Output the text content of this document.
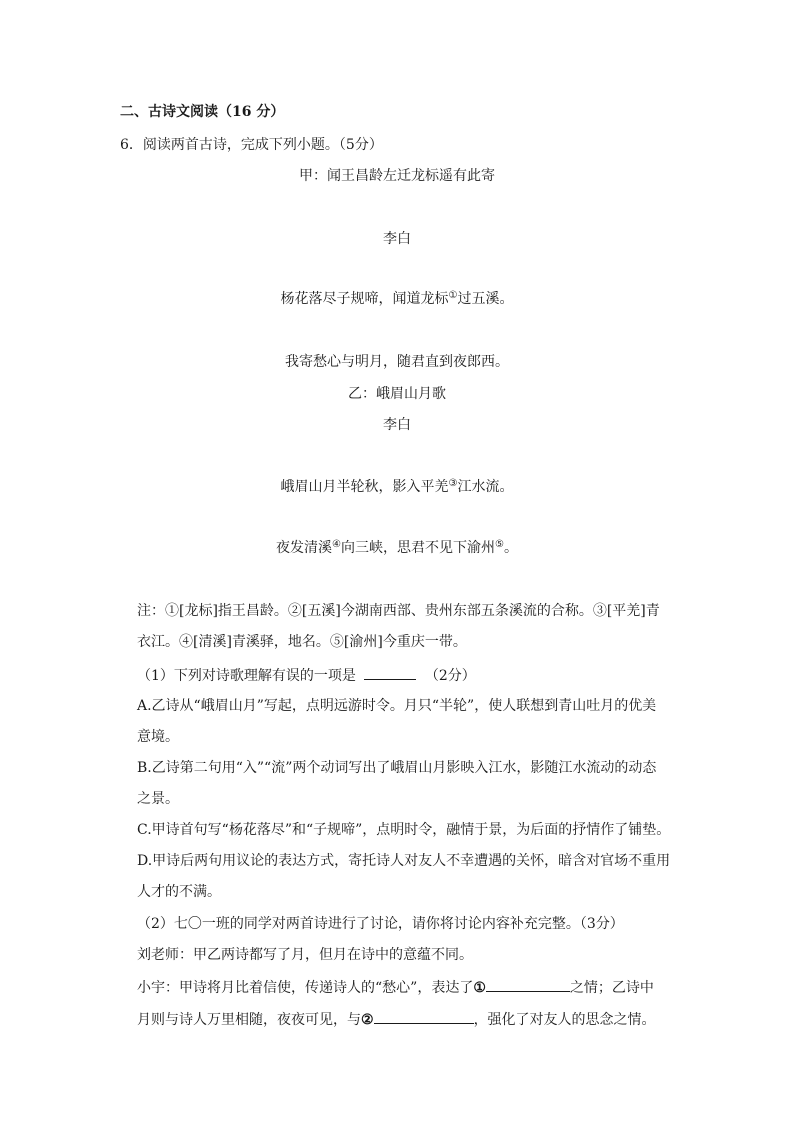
二、古诗文阅读（16 分）
6．阅读两首古诗，完成下列小题。（5分）
甲：闻王昌龄左迁龙标遥有此寄
李白
杨花落尽子规啼，闻道龙标①过五溪。
我寄愁心与明月，随君直到夜郎西。
乙：峨眉山月歌
李白
峨眉山月半轮秋，影入平羌③江水流。
夜发清溪④向三峡，思君不见下渝州⑤。
注：①[龙标]指王昌龄。②[五溪]今湖南西部、贵州东部五条溪流的合称。③[平羌]青
衣江。④[清溪]青溪驿，地名。⑤[渝州]今重庆一带。
（1）下列对诗歌理解有误的一项是	（2分）
A.乙诗从“峨眉山月”写起，点明远游时令。月只“半轮”，使人联想到青山吐月的优美
意境。
B.乙诗第二句用“入”“流”两个动词写出了峨眉山月影映入江水，影随江水流动的动态
之景。
C.甲诗首句写“杨花落尽”和“子规啼”，点明时令，融情于景，为后面的抒情作了铺垫。
D.甲诗后两句用议论的表达方式，寄托诗人对友人不幸遭遇的关怀，暗含对官场不重用
人才的不满。
（2）七〇一班的同学对两首诗进行了讨论，请你将讨论内容补充完整。（3分）
刘老师：甲乙两诗都写了月，但月在诗中的意蕴不同。
小宇：甲诗将月比着信使，传递诗人的“愁心”，表达了①	之情；乙诗中
月则与诗人万里相随，夜夜可见，与②	，强化了对友人的思念之情。
